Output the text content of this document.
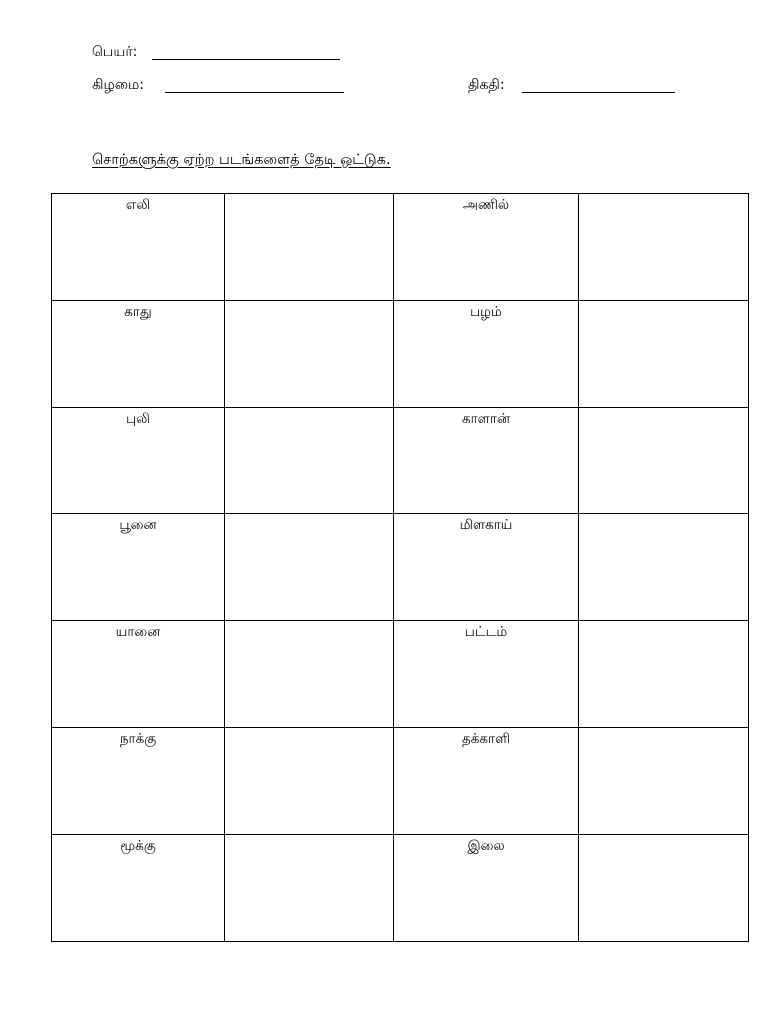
பெயர்:
கிழமை:	திகதி:
சொற்களுக்கு ஏற்ற படங்களைத் தேடி ஒட்டுக.
எலி		அணில்	
காது		பழம்	
புலி		காளான்	
பூனை		மிளகாய்	
யானை		பட்டம்	
நாக்கு		தக்காளி	
மூக்கு		இலை	
